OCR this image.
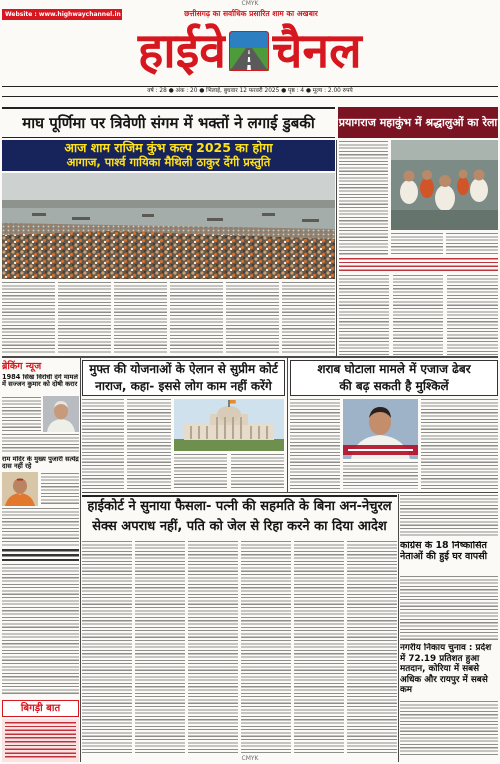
CMYK
Website : www.highwaychannel.in	छत्तीसगढ़ का सर्वाधिक प्रसारित शाम का अखबार
हाईवे चैनल
वर्ष : 28 ● अंक : 20 ● भिलाई, बुधवार 12 फरवरी 2025 ● पृष्ठ : 4 ● मूल्य : 2.00 रुपये
माघ पूर्णिमा पर त्रिवेणी संगम में भक्तों ने लगाई डुबकी	प्रयागराज महाकुंभ में श्रद्धालुओं का रेला
आज शाम राजिम कुंभ कल्प 2025 का होगा
आगाज, पार्श्व गायिका मैथिली ठाकुर देंगी प्रस्तुति
ब्रेकिंग न्यूज
1984 सिख विरोधी दंगे मामले में सज्जन कुमार को दोषी करार
राम मंदिर के मुख्य पुजारी सत्येंद्र दास नहीं रहे
मुफ्त की योजनाओं के ऐलान से सुप्रीम कोर्ट
नाराज, कहा- इससे लोग काम नहीं करेंगे
शराब घोटाला मामले में एजाज ढेबर
की बढ़ सकती है मुश्किलें
हाईकोर्ट ने सुनाया फैसला- पत्नी की सहमति के बिना अन-नेचुरल
सेक्स अपराध नहीं, पति को जेल से रिहा करने का दिया आदेश
कांग्रेस के 18 निष्कासित नेताओं की हुई घर वापसी
नगरीय निकाय चुनाव : प्रदेश में 72.19 प्रतिशत हुआ मतदान, कोरिया में सबसे अधिक और रायपुर में सबसे कम
बिगड़ी बात
CMYK
